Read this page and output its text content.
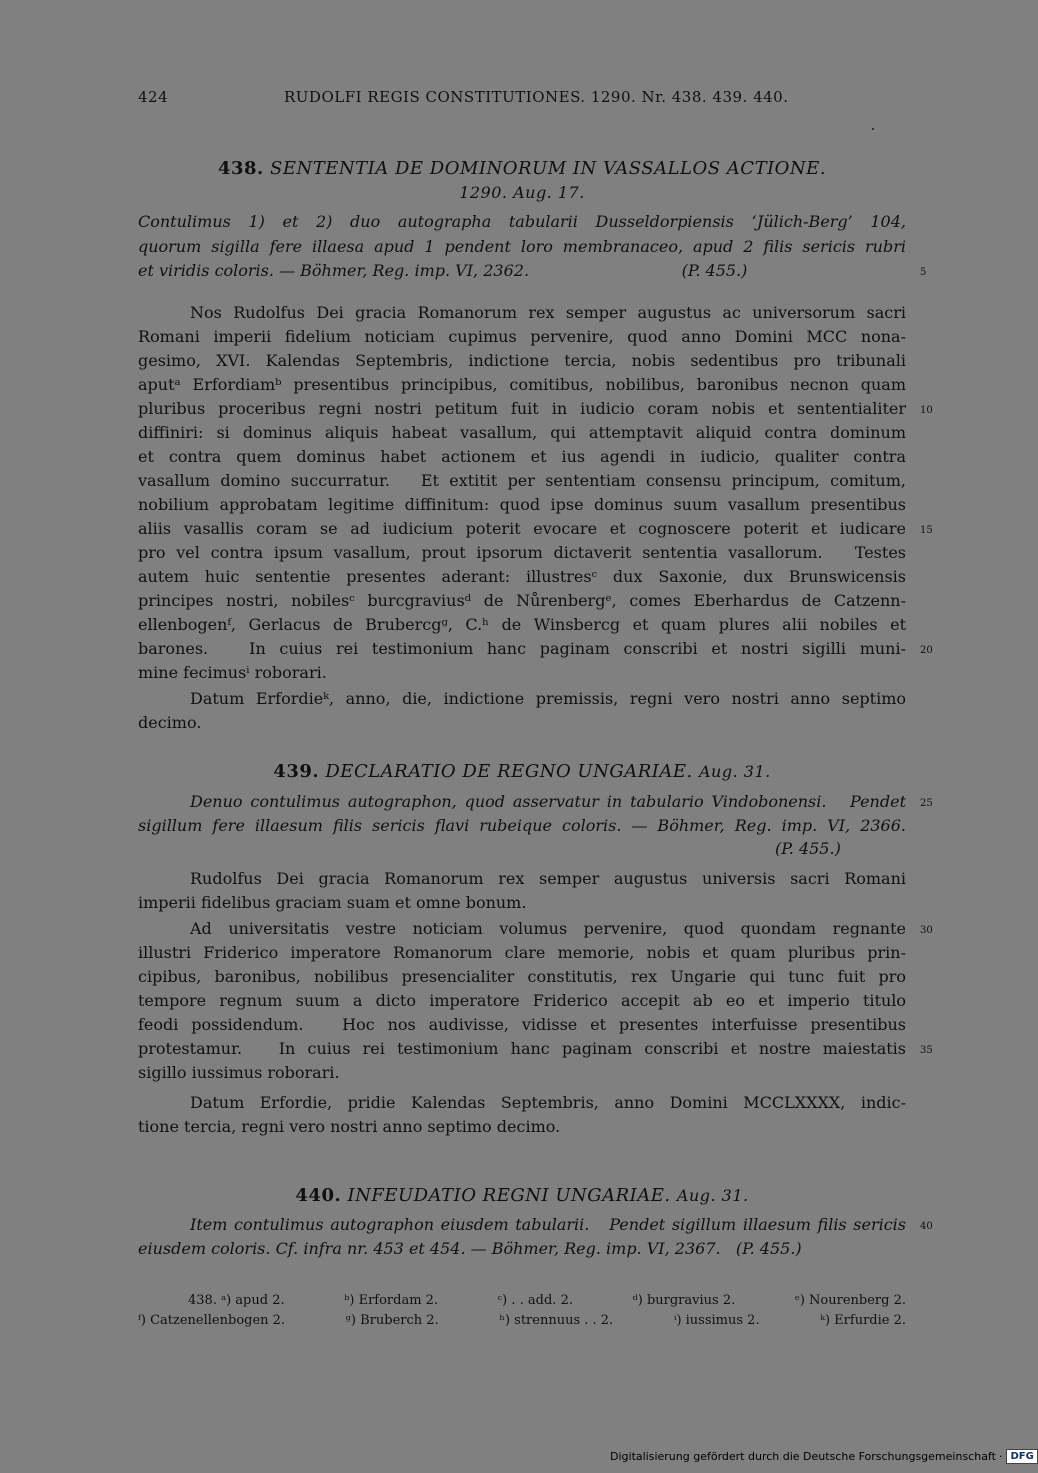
424	RUDOLFI REGIS CONSTITUTIONES. 1290. Nr. 438. 439. 440.
438. SENTENTIA DE DOMINORUM IN VASSALLOS ACTIONE.
1290. Aug. 17.
Contulimus 1) et 2) duo autographa tabularii Dusseldorpiensis ‘Jülich-Berg’ 104,
quorum sigilla fere illaesa apud 1 pendent loro membranaceo, apud 2 filis sericis rubri
et viridis coloris. — Böhmer, Reg. imp. VI, 2362.                              (P. 455.)
Nos Rudolfus Dei gracia Romanorum rex semper augustus ac universorum sacri
Romani imperii fidelium noticiam cupimus pervenire, quod anno Domini MCC nona-
gesimo, XVI. Kalendas Septembris, indictione tercia, nobis sedentibus pro tribunali
aputᵃ Erfordiamᵇ presentibus principibus, comitibus, nobilibus, baronibus necnon quam
pluribus proceribus regni nostri petitum fuit in iudicio coram nobis et sententialiter
diffiniri: si dominus aliquis habeat vasallum, qui attemptavit aliquid contra dominum
et contra quem dominus habet actionem et ius agendi in iudicio, qualiter contra
vasallum domino succurratur.   Et extitit per sententiam consensu principum, comitum,
nobilium approbatam legitime diffinitum: quod ipse dominus suum vasallum presentibus
aliis vasallis coram se ad iudicium poterit evocare et cognoscere poterit et iudicare
pro vel contra ipsum vasallum, prout ipsorum dictaverit sententia vasallorum.   Testes
autem huic sententie presentes aderant: illustresᶜ dux Saxonie, dux Brunswicensis
principes nostri, nobilesᶜ burcgraviusᵈ de Nůrenbergᵉ, comes Eberhardus de Catzenn-
ellenbogenᶠ, Gerlacus de Brubercgᵍ, C.ʰ de Winsbercg et quam plures alii nobiles et
barones.   In cuius rei testimonium hanc paginam conscribi et nostri sigilli muni-
mine fecimusⁱ roborari.
Datum Erfordieᵏ, anno, die, indictione premissis, regni vero nostri anno septimo
decimo.
439. DECLARATIO DE REGNO UNGARIAE. Aug. 31.
Denuo contulimus autographon, quod asservatur in tabulario Vindobonensi.   Pendet
sigillum fere illaesum filis sericis flavi rubeique coloris. — Böhmer, Reg. imp. VI, 2366.
(P. 455.)
Rudolfus Dei gracia Romanorum rex semper augustus universis sacri Romani
imperii fidelibus graciam suam et omne bonum.
Ad universitatis vestre noticiam volumus pervenire, quod quondam regnante
illustri Friderico imperatore Romanorum clare memorie, nobis et quam pluribus prin-
cipibus, baronibus, nobilibus presencialiter constitutis, rex Ungarie qui tunc fuit pro
tempore regnum suum a dicto imperatore Friderico accepit ab eo et imperio titulo
feodi possidendum.   Hoc nos audivisse, vidisse et presentes interfuisse presentibus
protestamur.   In cuius rei testimonium hanc paginam conscribi et nostre maiestatis
sigillo iussimus roborari.
Datum Erfordie, pridie Kalendas Septembris, anno Domini MCCLXXXX, indic-
tione tercia, regni vero nostri anno septimo decimo.
440. INFEUDATIO REGNI UNGARIAE. Aug. 31.
Item contulimus autographon eiusdem tabularii.   Pendet sigillum illaesum filis sericis
eiusdem coloris. Cf. infra nr. 453 et 454. — Böhmer, Reg. imp. VI, 2367.   (P. 455.)
438. ᵃ) apud 2.	ᵇ) Erfordam 2.	ᶜ) . . add. 2.	ᵈ) burgravius 2.	ᵉ) Nourenberg 2.
ᶠ) Catzenellenbogen 2.	ᵍ) Bruberch 2.	ʰ) strennuus . . 2.	ⁱ) iussimus 2.	ᵏ) Erfurdie 2.
5
10
15
20
25
30
35
40
Digitalisierung gefördert durch die Deutsche Forschungsgemeinschaft · DFG
